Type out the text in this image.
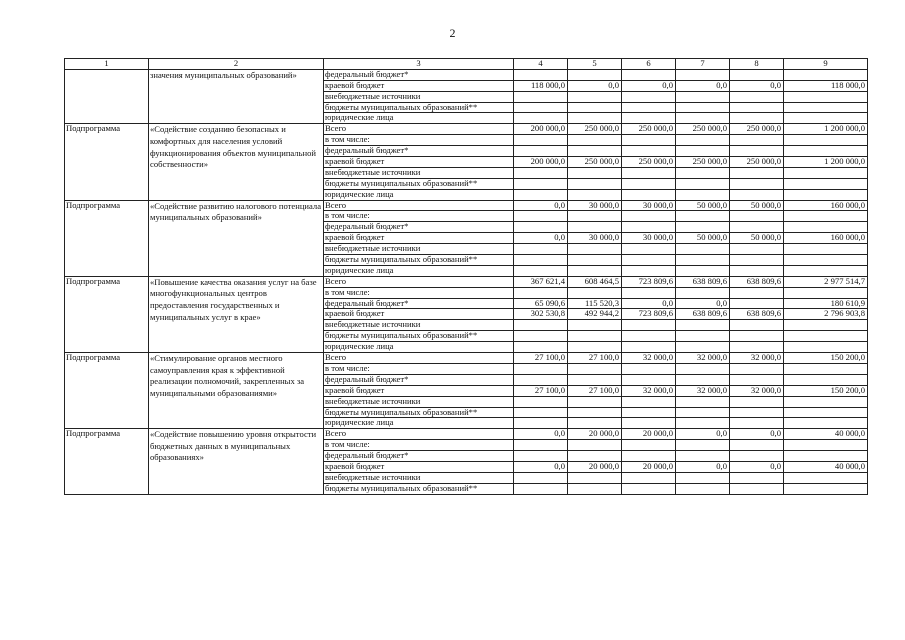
2
1	2	3	4	5	6	7	8	9
	значения муниципальных образований»	федеральный бюджет*						
		краевой бюджет	118 000,0	0,0	0,0	0,0	0,0	118 000,0
		внебюджетные источники						
		бюджеты муниципальных образований**						
		юридические лица						
Подпрограмма	«Содействие созданию безопасных и комфортных для населения условий функционирования объектов муниципальной собственности»	Всего	200 000,0	250 000,0	250 000,0	250 000,0	250 000,0	1 200 000,0
		в том числе:						
		федеральный бюджет*						
		краевой бюджет	200 000,0	250 000,0	250 000,0	250 000,0	250 000,0	1 200 000,0
		внебюджетные источники						
		бюджеты муниципальных образований**						
		юридические лица						
Подпрограмма	«Содействие развитию налогового потенциала муниципальных образований»	Всего	0,0	30 000,0	30 000,0	50 000,0	50 000,0	160 000,0
		в том числе:						
		федеральный бюджет*						
		краевой бюджет	0,0	30 000,0	30 000,0	50 000,0	50 000,0	160 000,0
		внебюджетные источники						
		бюджеты муниципальных образований**						
		юридические лица						
Подпрограмма	«Повышение качества оказания услуг на базе многофункциональных центров предоставления государственных и муниципальных услуг в крае»	Всего	367 621,4	608 464,5	723 809,6	638 809,6	638 809,6	2 977 514,7
		в том числе:						
		федеральный бюджет*	65 090,6	115 520,3	0,0	0,0		180 610,9
		краевой бюджет	302 530,8	492 944,2	723 809,6	638 809,6	638 809,6	2 796 903,8
		внебюджетные источники						
		бюджеты муниципальных образований**						
		юридические лица						
Подпрограмма	«Стимулирование органов местного самоуправления края к эффективной реализации полномочий, закрепленных за муниципальными образованиями»	Всего	27 100,0	27 100,0	32 000,0	32 000,0	32 000,0	150 200,0
		в том числе:						
		федеральный бюджет*						
		краевой бюджет	27 100,0	27 100,0	32 000,0	32 000,0	32 000,0	150 200,0
		внебюджетные источники						
		бюджеты муниципальных образований**						
		юридические лица						
Подпрограмма	«Содействие повышению уровня открытости бюджетных данных в муниципальных образованиях»	Всего	0,0	20 000,0	20 000,0	0,0	0,0	40 000,0
		в том числе:						
		федеральный бюджет*						
		краевой бюджет	0,0	20 000,0	20 000,0	0,0	0,0	40 000,0
		внебюджетные источники						
		бюджеты муниципальных образований**						
